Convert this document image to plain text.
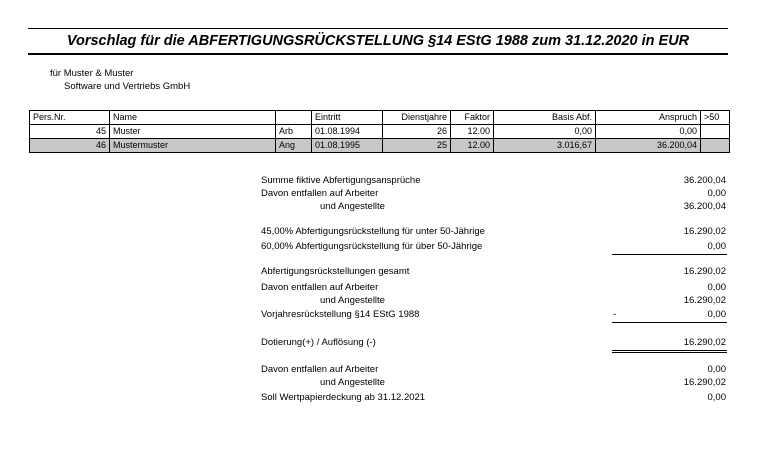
Vorschlag für die ABFERTIGUNGSRÜCKSTELLUNG §14 EStG 1988 zum 31.12.2020 in EUR
für Muster & Muster
Software und Vertriebs GmbH
Pers.Nr.	Name		Eintritt	Dienstjahre	Faktor	Basis Abf.	Anspruch	>50
45	Muster	Arb	01.08.1994	26	12.00	0,00	0,00	
46	Mustermuster	Ang	01.08.1995	25	12.00	3.016,67	36.200,04	
Summe fiktive Abfertigungsansprüche	36.200,04
Davon entfallen auf Arbeiter	0,00
und Angestellte	36.200,04
45,00% Abfertigungsrückstellung für unter 50-Jährige	16.290,02
60,00% Abfertigungsrückstellung für über 50-Jährige	0,00
Abfertigungsrückstellungen gesamt	16.290,02
Davon entfallen auf Arbeiter	0,00
und Angestellte	16.290,02
Vorjahresrückstellung §14 EStG 1988	-	0,00
Dotierung(+) / Auflösung (-)	16.290,02
Davon entfallen auf Arbeiter	0,00
und Angestellte	16.290,02
Soll Wertpapierdeckung ab 31.12.2021	0,00
